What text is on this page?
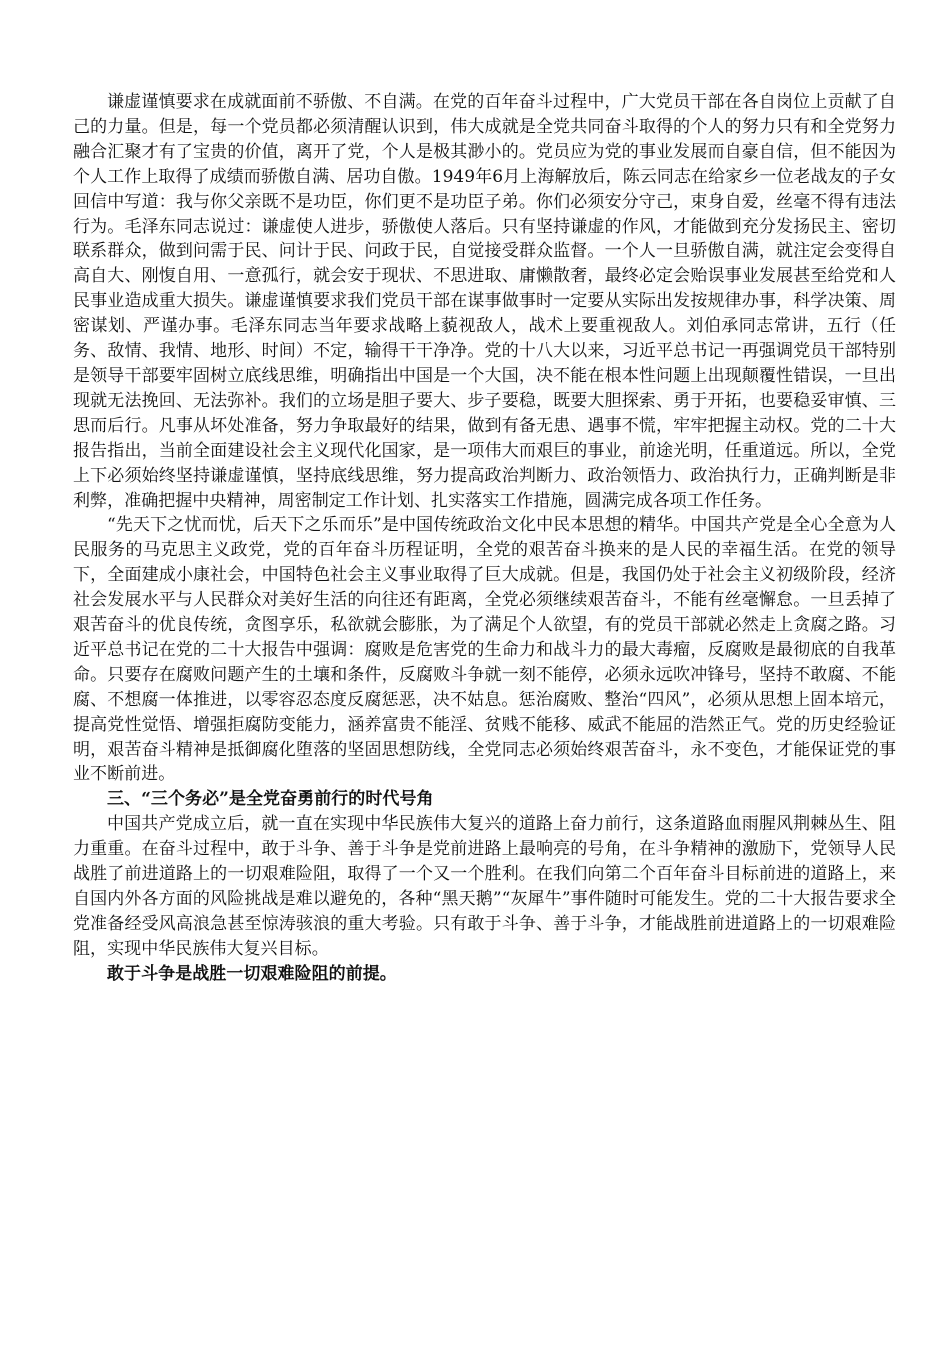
谦虚谨慎要求在成就面前不骄傲、不自满。在党的百年奋斗过程中，广大党员干部在各自岗位上贡献了自己的力量。但是，每一个党员都必须清醒认识到，伟大成就是全党共同奋斗取得的个人的努力只有和全党努力融合汇聚才有了宝贵的价值，离开了党，个人是极其渺小的。党员应为党的事业发展而自豪自信，但不能因为个人工作上取得了成绩而骄傲自满、居功自傲。1949年6月上海解放后，陈云同志在给家乡一位老战友的子女回信中写道：我与你父亲既不是功臣，你们更不是功臣子弟。你们必须安分守己，束身自爱，丝毫不得有违法行为。毛泽东同志说过：谦虚使人进步，骄傲使人落后。只有坚持谦虚的作风，才能做到充分发扬民主、密切联系群众，做到问需于民、问计于民、问政于民，自觉接受群众监督。一个人一旦骄傲自满，就注定会变得自高自大、刚愎自用、一意孤行，就会安于现状、不思进取、庸懒散奢，最终必定会贻误事业发展甚至给党和人民事业造成重大损失。谦虚谨慎要求我们党员干部在谋事做事时一定要从实际出发按规律办事，科学决策、周密谋划、严谨办事。毛泽东同志当年要求战略上藐视敌人，战术上要重视敌人。刘伯承同志常讲，五行（任务、敌情、我情、地形、时间）不定，输得干干净净。党的十八大以来，习近平总书记一再强调党员干部特别是领导干部要牢固树立底线思维，明确指出中国是一个大国，决不能在根本性问题上出现颠覆性错误，一旦出现就无法挽回、无法弥补。我们的立场是胆子要大、步子要稳，既要大胆探索、勇于开拓，也要稳妥审慎、三思而后行。凡事从坏处准备，努力争取最好的结果，做到有备无患、遇事不慌，牢牢把握主动权。党的二十大报告指出，当前全面建设社会主义现代化国家，是一项伟大而艰巨的事业，前途光明，任重道远。所以，全党上下必须始终坚持谦虚谨慎，坚持底线思维，努力提高政治判断力、政治领悟力、政治执行力，正确判断是非利弊，准确把握中央精神，周密制定工作计划、扎实落实工作措施，圆满完成各项工作任务。

“先天下之忧而忧，后天下之乐而乐”是中国传统政治文化中民本思想的精华。中国共产党是全心全意为人民服务的马克思主义政党，党的百年奋斗历程证明，全党的艰苦奋斗换来的是人民的幸福生活。在党的领导下，全面建成小康社会，中国特色社会主义事业取得了巨大成就。但是，我国仍处于社会主义初级阶段，经济社会发展水平与人民群众对美好生活的向往还有距离，全党必须继续艰苦奋斗，不能有丝毫懈怠。一旦丢掉了艰苦奋斗的优良传统，贪图享乐，私欲就会膨胀，为了满足个人欲望，有的党员干部就必然走上贪腐之路。习近平总书记在党的二十大报告中强调：腐败是危害党的生命力和战斗力的最大毒瘤，反腐败是最彻底的自我革命。只要存在腐败问题产生的土壤和条件，反腐败斗争就一刻不能停，必须永远吹冲锋号，坚持不敢腐、不能腐、不想腐一体推进，以零容忍态度反腐惩恶，决不姑息。惩治腐败、整治“四风”，必须从思想上固本培元，提高党性觉悟、增强拒腐防变能力，涵养富贵不能淫、贫贱不能移、威武不能屈的浩然正气。党的历史经验证明，艰苦奋斗精神是抵御腐化堕落的坚固思想防线，全党同志必须始终艰苦奋斗，永不变色，才能保证党的事业不断前进。

三、“三个务必”是全党奋勇前行的时代号角

中国共产党成立后，就一直在实现中华民族伟大复兴的道路上奋力前行，这条道路血雨腥风荆棘丛生、阻力重重。在奋斗过程中，敢于斗争、善于斗争是党前进路上最响亮的号角，在斗争精神的激励下，党领导人民战胜了前进道路上的一切艰难险阻，取得了一个又一个胜利。在我们向第二个百年奋斗目标前进的道路上，来自国内外各方面的风险挑战是难以避免的，各种“黑天鹅”“灰犀牛”事件随时可能发生。党的二十大报告要求全党准备经受风高浪急甚至惊涛骇浪的重大考验。只有敢于斗争、善于斗争，才能战胜前进道路上的一切艰难险阻，实现中华民族伟大复兴目标。

敢于斗争是战胜一切艰难险阻的前提。
